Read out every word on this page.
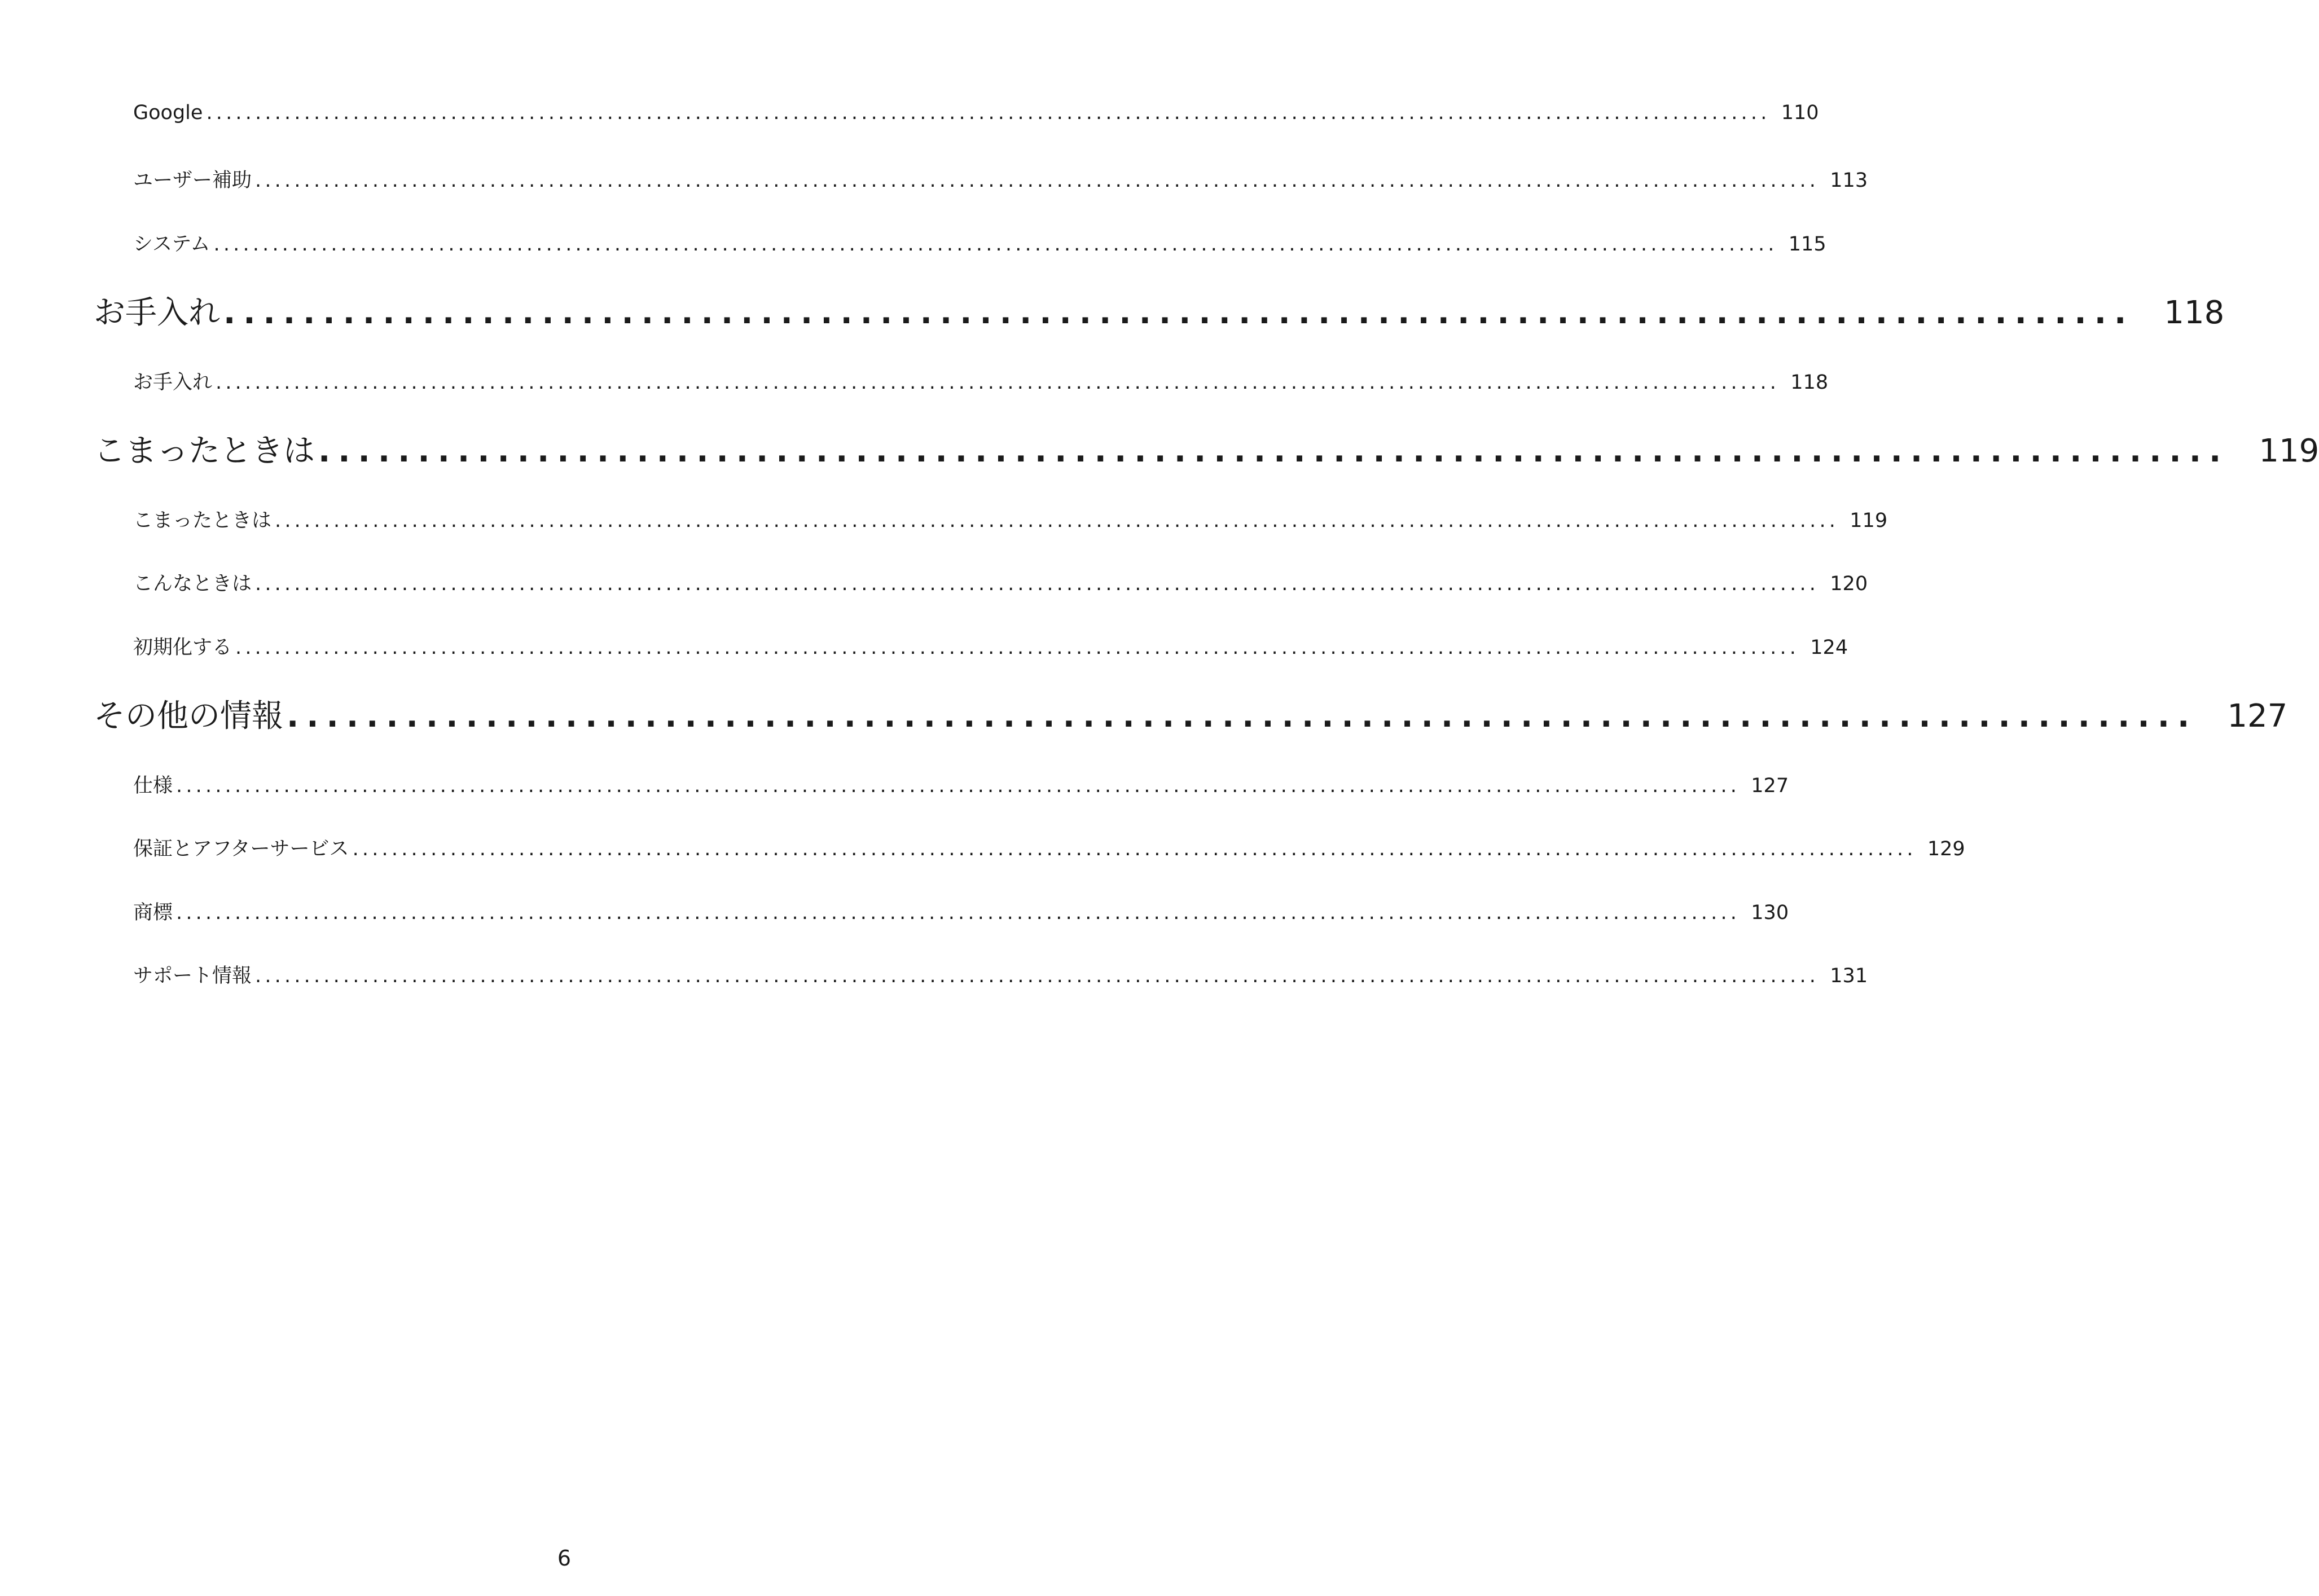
Google ................................................................................................................................................................ 110
ユーザー補助 ................................................................................................................................................................ 113
システム ................................................................................................................................................................ 115
お手入れ ................................................................................................ 118
お手入れ ................................................................................................................................................................ 118
こまったときは ................................................................................................ 119
こまったときは ................................................................................................................................................................ 119
こんなときは ................................................................................................................................................................ 120
初期化する ................................................................................................................................................................ 124
その他の情報 ................................................................................................ 127
仕様 ................................................................................................................................................................ 127
保証とアフターサービス ................................................................................................................................................................ 129
商標 ................................................................................................................................................................ 130
サポート情報 ................................................................................................................................................................ 131
6
